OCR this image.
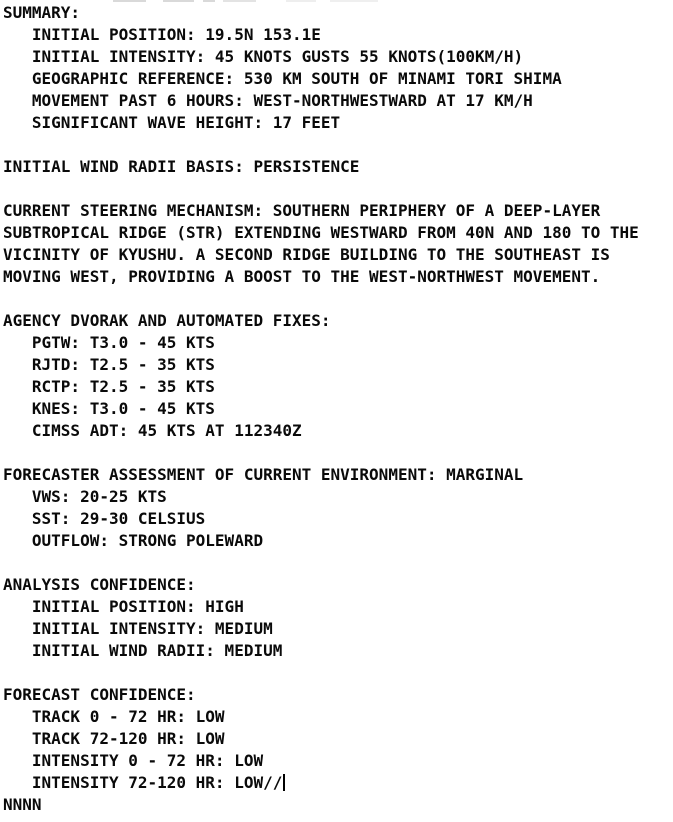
SUMMARY:
INITIAL POSITION: 19.5N 153.1E
INITIAL INTENSITY: 45 KNOTS GUSTS 55 KNOTS(100KM/H)
GEOGRAPHIC REFERENCE: 530 KM SOUTH OF MINAMI TORI SHIMA
MOVEMENT PAST 6 HOURS: WEST-NORTHWESTWARD AT 17 KM/H
SIGNIFICANT WAVE HEIGHT: 17 FEET
INITIAL WIND RADII BASIS: PERSISTENCE
CURRENT STEERING MECHANISM: SOUTHERN PERIPHERY OF A DEEP-LAYER
SUBTROPICAL RIDGE (STR) EXTENDING WESTWARD FROM 40N AND 180 TO THE
VICINITY OF KYUSHU. A SECOND RIDGE BUILDING TO THE SOUTHEAST IS
MOVING WEST, PROVIDING A BOOST TO THE WEST-NORTHWEST MOVEMENT.
AGENCY DVORAK AND AUTOMATED FIXES:
PGTW: T3.0 - 45 KTS
RJTD: T2.5 - 35 KTS
RCTP: T2.5 - 35 KTS
KNES: T3.0 - 45 KTS
CIMSS ADT: 45 KTS AT 112340Z
FORECASTER ASSESSMENT OF CURRENT ENVIRONMENT: MARGINAL
VWS: 20-25 KTS
SST: 29-30 CELSIUS
OUTFLOW: STRONG POLEWARD
ANALYSIS CONFIDENCE:
INITIAL POSITION: HIGH
INITIAL INTENSITY: MEDIUM
INITIAL WIND RADII: MEDIUM
FORECAST CONFIDENCE:
TRACK 0 - 72 HR: LOW
TRACK 72-120 HR: LOW
INTENSITY 0 - 72 HR: LOW
INTENSITY 72-120 HR: LOW//
NNNN
